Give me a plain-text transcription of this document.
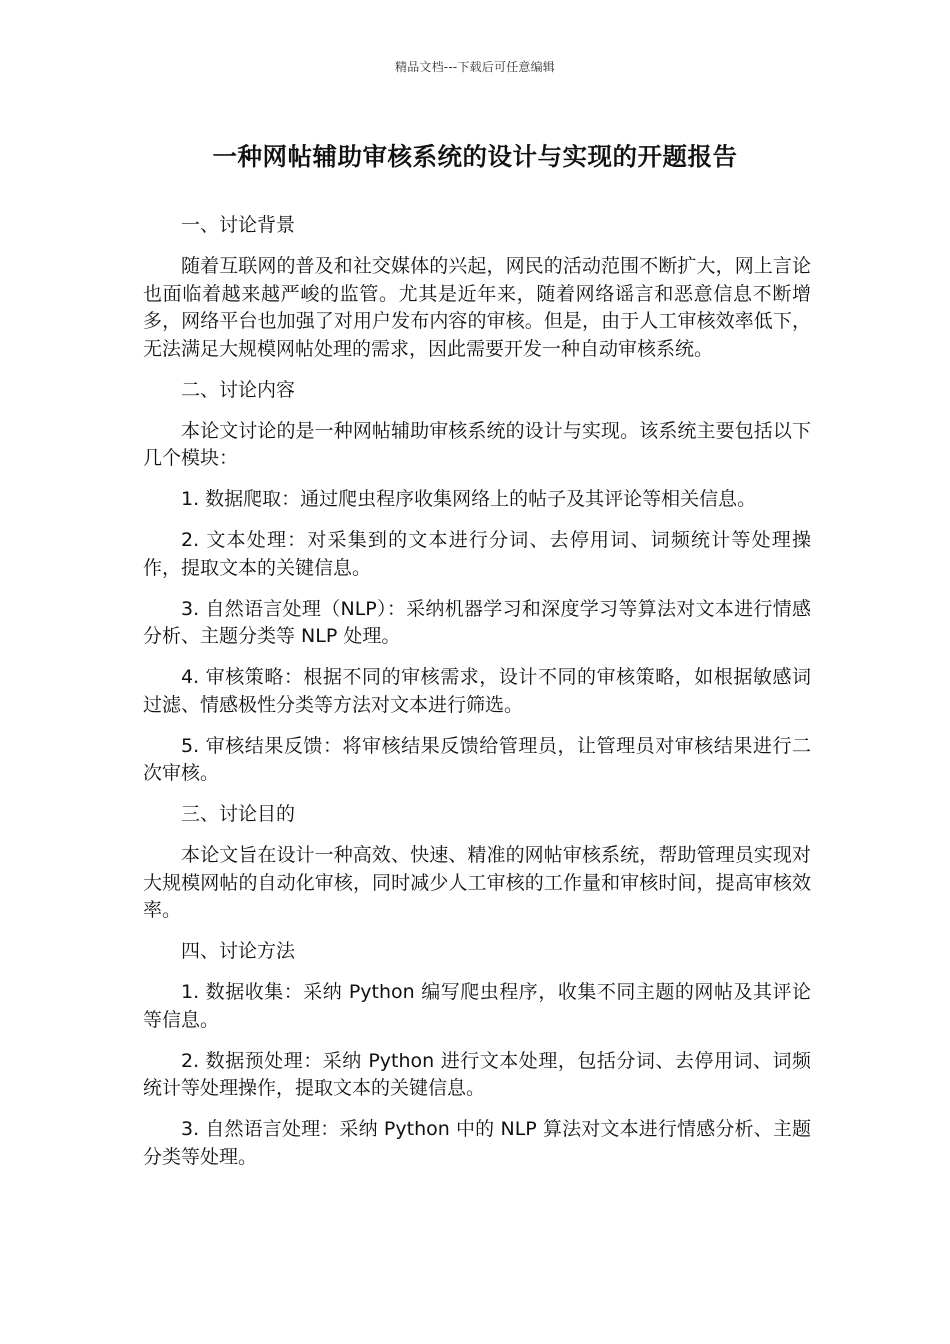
精品文档---下载后可任意编辑
一种网帖辅助审核系统的设计与实现的开题报告

一、讨论背景

随着互联网的普及和社交媒体的兴起，网民的活动范围不断扩大，网上言论也面临着越来越严峻的监管。尤其是近年来，随着网络谣言和恶意信息不断增多，网络平台也加强了对用户发布内容的审核。但是，由于人工审核效率低下，无法满足大规模网帖处理的需求，因此需要开发一种自动审核系统。

二、讨论内容

本论文讨论的是一种网帖辅助审核系统的设计与实现。该系统主要包括以下几个模块：

1. 数据爬取：通过爬虫程序收集网络上的帖子及其评论等相关信息。

2. 文本处理：对采集到的文本进行分词、去停用词、词频统计等处理操作，提取文本的关键信息。

3. 自然语言处理（NLP）：采纳机器学习和深度学习等算法对文本进行情感分析、主题分类等 NLP 处理。

4. 审核策略：根据不同的审核需求，设计不同的审核策略，如根据敏感词过滤、情感极性分类等方法对文本进行筛选。

5. 审核结果反馈：将审核结果反馈给管理员，让管理员对审核结果进行二次审核。

三、讨论目的

本论文旨在设计一种高效、快速、精准的网帖审核系统，帮助管理员实现对大规模网帖的自动化审核，同时减少人工审核的工作量和审核时间，提高审核效率。

四、讨论方法

1. 数据收集：采纳 Python 编写爬虫程序，收集不同主题的网帖及其评论等信息。

2. 数据预处理：采纳 Python 进行文本处理，包括分词、去停用词、词频统计等处理操作，提取文本的关键信息。

3. 自然语言处理：采纳 Python 中的 NLP 算法对文本进行情感分析、主题分类等处理。
